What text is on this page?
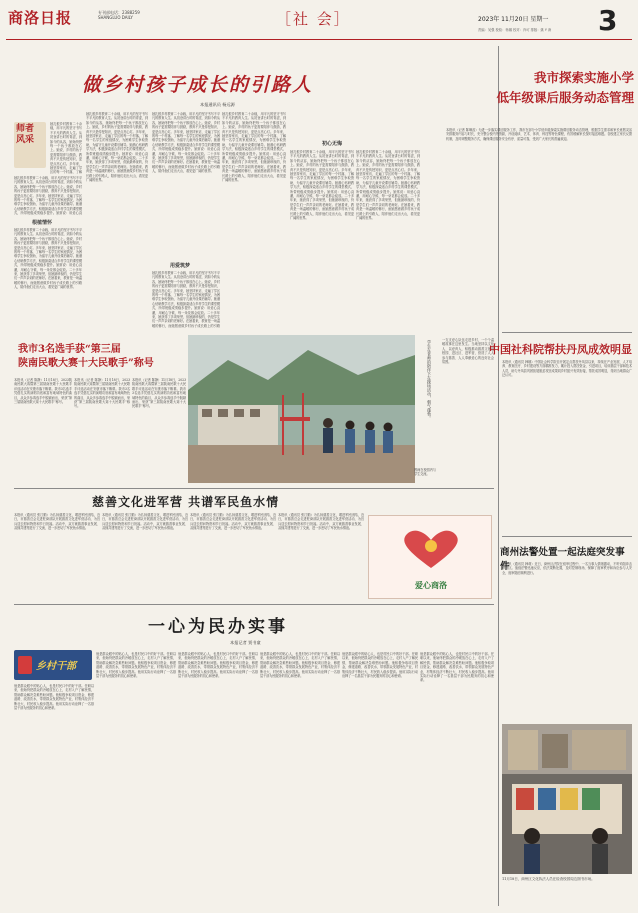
商洛日报	专刊部电话：2388259
SHANGLUO DAILY	［社 会］	2023年 11月20日 星期一
责编：吴强 校检：杨娜 校对：肖可 排版：姚 Y 涛 3
做乡村孩子成长的引路人
本报通讯员 杨远源
师者风采
她扎根乡村教育二十余载，用平凡的坚守书写不平凡的教育人生。从初登讲台时的青涩，到如今的从容，她始终把每一个孩子都放在心上。她说，乡村的孩子更需要陪伴与鼓励，教育不只是传授知识，更是点亮心灯。多年来，她坚持家访，走遍了学区的每一个村落，了解
她扎根乡村教育二十余载，用平凡的坚守书写不平凡的教育人生。从初登讲台时的青涩，到如今的从容，她始终把每一个孩子都放在心上。她说，乡村的孩子更需要陪伴与鼓励，教育不只是传授知识，更是点亮心灯。多年来，她坚持家访，走遍了学区的每一个村落，了解每一名学生的家庭情况，为困难学生争取资助，为留守儿童开设课后辅导。她潜心钻研教学方法，积极探索适合乡村学生的课堂模式，所带班级成绩稳步提升。她常说：用爱心浇
根植情怀
她扎根乡村教育二十余载，用平凡的坚守书写不平凡的教育人生。从初登讲台时的青涩，到如今的从容，她始终把每一个孩子都放在心上。她说，乡村的孩子更需要陪伴与鼓励，教育不只是传授知识，更是点亮心灯。多年来，她坚持家访，走遍了学区的每一个村落，了解每一名学生的家庭情况，为困难学生争取资助，为留守儿童开设课后辅导。她潜心钻研教学方法，积极探索适合乡村学生的课堂模式，所带班级成绩稳步提升。她常说：用爱心浇灌，用耐心守候，每一朵花都会绽放。二十多年来，她获得了多项荣誉，但她最珍视的，仍是学生们一声声亲切的老师好。在她看来，教育是一场温暖的修行，而她愿意做乡村孩子成长路上的引路人，陪伴他们走出大山，看见更广阔的世界。
她扎根乡村教育二十余载，用平凡的坚守书写不平凡的教育人生。从初登讲台时的青涩，到如今的从容，她始终把每一个孩子都放在心上。她说，乡村的孩子更需要陪伴与鼓励，教育不只是传授知识，更是点亮心灯。多年来，她坚持家访，走遍了学区的每一个村落，了解每一名学生的家庭情况，为困难学生争取资助，为留守儿童开设课后辅导。她潜心钻研教学方法，积极探索适合乡村学生的课堂模式，所带班级成绩稳步提升。她常说：用爱心浇灌，用耐心守候，每一朵花都会绽放。二十多年来，她获得了多项荣誉，但她最珍视的，仍是学生们一声声亲切的老师好。在她看来，教育是一场温暖的修行，而她愿意做乡村孩子成长路上的引路人，陪伴他们走出大山，看见更广阔的世界。
她扎根乡村教育二十余载，用平凡的坚守书写不平凡的教育人生。从初登讲台时的青涩，到如今的从容，她始终把每一个孩子都放在心上。她说，乡村的孩子更需要陪伴与鼓励，教育不只是传授知识，更是点亮心灯。多年来，她坚持家访，走遍了学区的每一个村落，了解每一名学生的家庭情况，为困难学生争取资助，为留守儿童开设课后辅导。她潜心钻研教学方法，积极探索适合乡村学生的课堂模式，所带班级成绩稳步提升。她常说：用爱心浇灌，用耐心守候，每一朵花都会绽放。二十多年来，她获得了多项荣誉，但她最珍视的，仍是学生们一声声亲切的老师好。在她看来，教育是一场温暖的修行，而她愿意做乡村孩子成长路上的引路人，陪伴他们走出大山，看见更广阔的世界。
用爱筑梦
她扎根乡村教育二十余载，用平凡的坚守书写不平凡的教育人生。从初登讲台时的青涩，到如今的从容，她始终把每一个孩子都放在心上。她说，乡村的孩子更需要陪伴与鼓励，教育不只是传授知识，更是点亮心灯。多年来，她坚持家访，走遍了学区的每一个村落，了解每一名学生的家庭情况，为困难学生争取资助，为留守儿童开设课后辅导。她潜心钻研教学方法，积极探索适合乡村学生的课堂模式，所带班级成绩稳步提升。她常说：用爱心浇灌，用耐心守候，每一朵花都会绽放。二十多年来，她获得了多项荣誉，但她最珍视的，仍是学生们一声声亲切的老师好。在她看来，教育是一场温暖的修行，而她愿意做乡村孩子成长路上的引路
她扎根乡村教育二十余载，用平凡的坚守书写不平凡的教育人生。从初登讲台时的青涩，到如今的从容，她始终把每一个孩子都放在心上。她说，乡村的孩子更需要陪伴与鼓励，教育不只是传授知识，更是点亮心灯。多年来，她坚持家访，走遍了学区的每一个村落，了解每一名学生的家庭情况，为困难学生争取资助，为留守儿童开设课后辅导。她潜心钻研教学方法，积极探索适合乡村学生的课堂模式，所带班级成绩稳步提升。她常说：用爱心浇灌，用耐心守候，每一朵花都会绽放。二十多年来，她获得了多项荣誉，但她最珍视的，仍是学生们一声声亲切的老师好。在她看来，教育是一场温暖的修行，而她愿意做乡村孩子成长路上的引路人，陪伴他们走出大山，看见更广阔的世界。
初心无悔
她扎根乡村教育二十余载，用平凡的坚守书写不平凡的教育人生。从初登讲台时的青涩，到如今的从容，她始终把每一个孩子都放在心上。她说，乡村的孩子更需要陪伴与鼓励，教育不只是传授知识，更是点亮心灯。多年来，她坚持家访，走遍了学区的每一个村落，了解每一名学生的家庭情况，为困难学生争取资助，为留守儿童开设课后辅导。她潜心钻研教学方法，积极探索适合乡村学生的课堂模式，所带班级成绩稳步提升。她常说：用爱心浇灌，用耐心守候，每一朵花都会绽放。二十多年来，她获得了多项荣誉，但她最珍视的，仍是学生们一声声亲切的老师好。在她看来，教育是一场温暖的修行，而她愿意做乡村孩子成长路上的引路人，陪伴他们走出大山，看见更广阔的世界。
她扎根乡村教育二十余载，用平凡的坚守书写不平凡的教育人生。从初登讲台时的青涩，到如今的从容，她始终把每一个孩子都放在心上。她说，乡村的孩子更需要陪伴与鼓励，教育不只是传授知识，更是点亮心灯。多年来，她坚持家访，走遍了学区的每一个村落，了解每一名学生的家庭情况，为困难学生争取资助，为留守儿童开设课后辅导。她潜心钻研教学方法，积极探索适合乡村学生的课堂模式，所带班级成绩稳步提升。她常说：用爱心浇灌，用耐心守候，每一朵花都会绽放。二十多年来，她获得了多项荣誉，但她最珍视的，仍是学生们一声声亲切的老师好。在她看来，教育是一场温暖的修行，而她愿意做乡村孩子成长路上的引路人，陪伴他们走出大山，看见更广阔的世界。
学生在老师的陪伴下在操场活动，朝气蓬勃。
教师在校园内与学生交流。
我市3名选手获“第三届
陕南民歌大赛十大民歌手”称号
本报讯（记者 陈静）11月18日，2023陕南民歌大赛暨第三届陕南民歌十大民歌手评选活动在安康市落下帷幕。我市3名选手凭借扎实的演唱功底和富有地域特色的曲目，从众多参赛选手中脱颖而出，荣获“第三届陕南民歌大赛十大民歌手”称号。
本报讯（记者 陈静）11月18日，2023陕南民歌大赛暨第三届陕南民歌十大民歌手评选活动在安康市落下帷幕。我市3名选手凭借扎实的演唱功底和富有地域特色的曲目，从众多参赛选手中脱颖而出，荣获“第三届陕南民歌大赛十大民歌手”称号。
本报讯（记者 陈静）11月18日，2023陕南民歌大赛暨第三届陕南民歌十大民歌手评选活动在安康市落下帷幕。我市3名选手凭借扎实的演唱功底和富有地域特色的曲目，从众多参赛选手中脱颖而出，荣获“第三届陕南民歌大赛十大民歌手”称号。
一支支爱心队伍走进乡村，一个个温暖故事在这里发生。当地坚持以文化人、以爱育人，积极推动慈善文化进校园、进社区、进军营，营造了人人参与慈善、人人奉献爱心的良好社会氛围。
慈善文化进军营 共谱军民鱼水情
本报讯（通讯员 张江勤）为弘扬慈善文化，增进军民团结，近日，市慈善总会走进驻商部队开展慈善文化进军营活动，为官兵送去慰问物资和节日祝福。活动中，双方就慈善事业发展、双拥共建等进行了交流，进一步密切了军民鱼水情谊。
本报讯（通讯员 张江勤）为弘扬慈善文化，增进军民团结，近日，市慈善总会走进驻商部队开展慈善文化进军营活动，为官兵送去慰问物资和节日祝福。活动中，双方就慈善事业发展、双拥共建等进行了交流，进一步密切了军民鱼水情谊。
本报讯（通讯员 张江勤）为弘扬慈善文化，增进军民团结，近日，市慈善总会走进驻商部队开展慈善文化进军营活动，为官兵送去慰问物资和节日祝福。活动中，双方就慈善事业发展、双拥共建等进行了交流，进一步密切了军民鱼水情谊。
本报讯（通讯员 张江勤）为弘扬慈善文化，增进军民团结，近日，市慈善总会走进驻商部队开展慈善文化进军营活动，为官兵送去慰问物资和节日祝福。活动中，双方就慈善事业发展、双拥共建等进行了交流，进一步密切了军民鱼水情谊。
爱心商洛
一心为民办实事
本报记者 贾书童
乡村干部
他是群众眼中的贴心人，也是村民口中的好干部。任职以来，他始终把群众的冷暖放在心上，走村入户了解民情，帮助群众解决急难愁盼问题。他积极争取项目资金，修建道路、改善饮水，带领群众发展特色产业，村集体经济不断壮大，村民收入稳步提高。他用实际行动诠释了一名基层干部为民服务的初心和使命。
他是群众眼中的贴心人，也是村民口中的好干部。任职以来，他始终把群众的冷暖放在心上，走村入户了解民情，帮助群众解决急难愁盼问题。他积极争取项目资金，修建道路、改善饮水，带领群众发展特色产业，村集体经济不断壮大，村民收入稳步提高。他用实际行动诠释了一名基层干部为民服务的初心和使命。
他是群众眼中的贴心人，也是村民口中的好干部。任职以来，他始终把群众的冷暖放在心上，走村入户了解民情，帮助群众解决急难愁盼问题。他积极争取项目资金，修建道路、改善饮水，带领群众发展特色产业，村集体经济不断壮大，村民收入稳步提高。他用实际行动诠释了一名基层干部为民服务的初心和使命。
他是群众眼中的贴心人，也是村民口中的好干部。任职以来，他始终把群众的冷暖放在心上，走村入户了解民情，帮助群众解决急难愁盼问题。他积极争取项目资金，修建道路、改善饮水，带领群众发展特色产业，村集体经济不断壮大，村民收入稳步提高。他用实际行动诠释了一名基层干部为民服务的初心和使命。
他是群众眼中的贴心人，也是村民口中的好干部。任职以来，他始终把群众的冷暖放在心上，走村入户了解民情，帮助群众解决急难愁盼问题。他积极争取项目资金，修建道路、改善饮水，带领群众发展特色产业，村集体经济不断壮大，村民收入稳步提高。他用实际行动诠释了一名基层干部为民服务的初心和使命。
他是群众眼中的贴心人，也是村民口中的好干部。任职以来，他始终把群众的冷暖放在心上，走村入户了解民情，帮助群众解决急难愁盼问题。他积极争取项目资金，修建道路、改善饮水，带领群众发展特色产业，村集体经济不断壮大，村民收入稳步提高。他用实际行动诠释了一名基层干部为民服务的初心和使命。
我市探索实施小学
低年级课后服务动态管理
本报讯（记者 陈琳蕊）为进一步落实课后服务工作，我市在部分小学低年级探索实施课后服务动态管理，根据学生需求和家长意愿灵活安排服务内容与时长，充分整合校内外资源，开设阅读、艺术、体育、科技等特色课程，有效缓解家长按时接送难题。各校建立家长反馈机制，及时调整服务方式，确保课后服务安全有序、质量可靠，受到广大家长的普遍欢迎。
中国社科院帮扶丹凤成效明显
本报讯（通讯员 韩娜）中国社会科学院自开展定点帮扶丹凤县以来，持续在产业发展、人才培养、教育医疗、乡村建设等方面精准发力，累计投入帮扶资金，引进项目，培训基层干部和技术人员，助力丹凤县巩固拓展脱贫攻坚成果同乡村振兴有效衔接，帮扶成效明显，得到当地群众广泛认可。
商州法警处置一起法庭突发事件
本报讯（通讯员 韩莉）近日，商州区法院在庭审过程中，一名当事人情绪激动，不听劝阻冲击审判区。值庭法警迅速反应，依法果断处置，及时控制现场，保障了庭审秩序和诉讼参与人安全，庭审随后顺利进行。
11月18日，商州区文化执法人员在检查校园周边图书市场。
